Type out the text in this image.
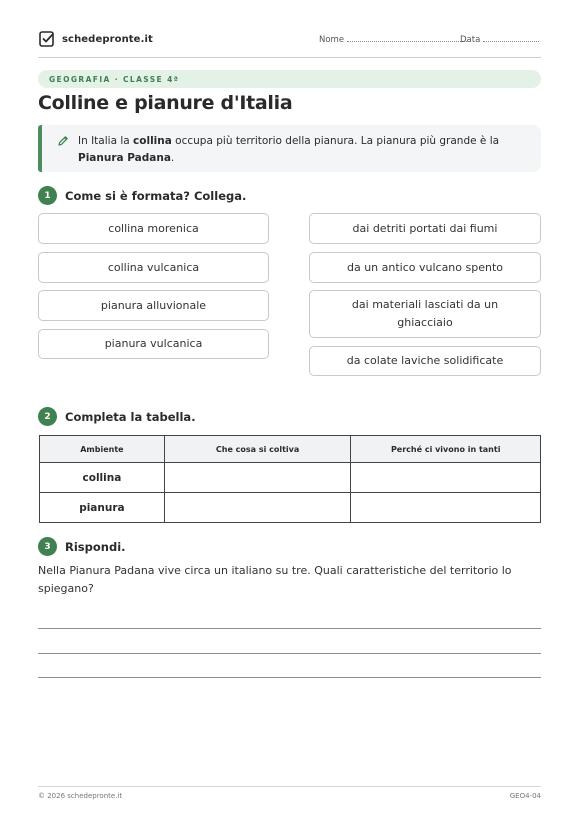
schedepronte.it	Nome	Data
GEOGRAFIA · CLASSE 4ª
Colline e pianure d'Italia
In Italia la collina occupa più territorio della pianura. La pianura più grande è la Pianura Padana.
1	Come si è formata? Collega.
collina morenica
collina vulcanica
pianura alluvionale
pianura vulcanica
dai detriti portati dai fiumi
da un antico vulcano spento
dai materiali lasciati da un ghiacciaio
da colate laviche solidificate
2	Completa la tabella.
Ambiente	Che cosa si coltiva	Perché ci vivono in tanti
collina		
pianura		
3	Rispondi.
Nella Pianura Padana vive circa un italiano su tre. Quali caratteristiche del territorio lo spiegano?
© 2026 schedepronte.it	GEO4-04
